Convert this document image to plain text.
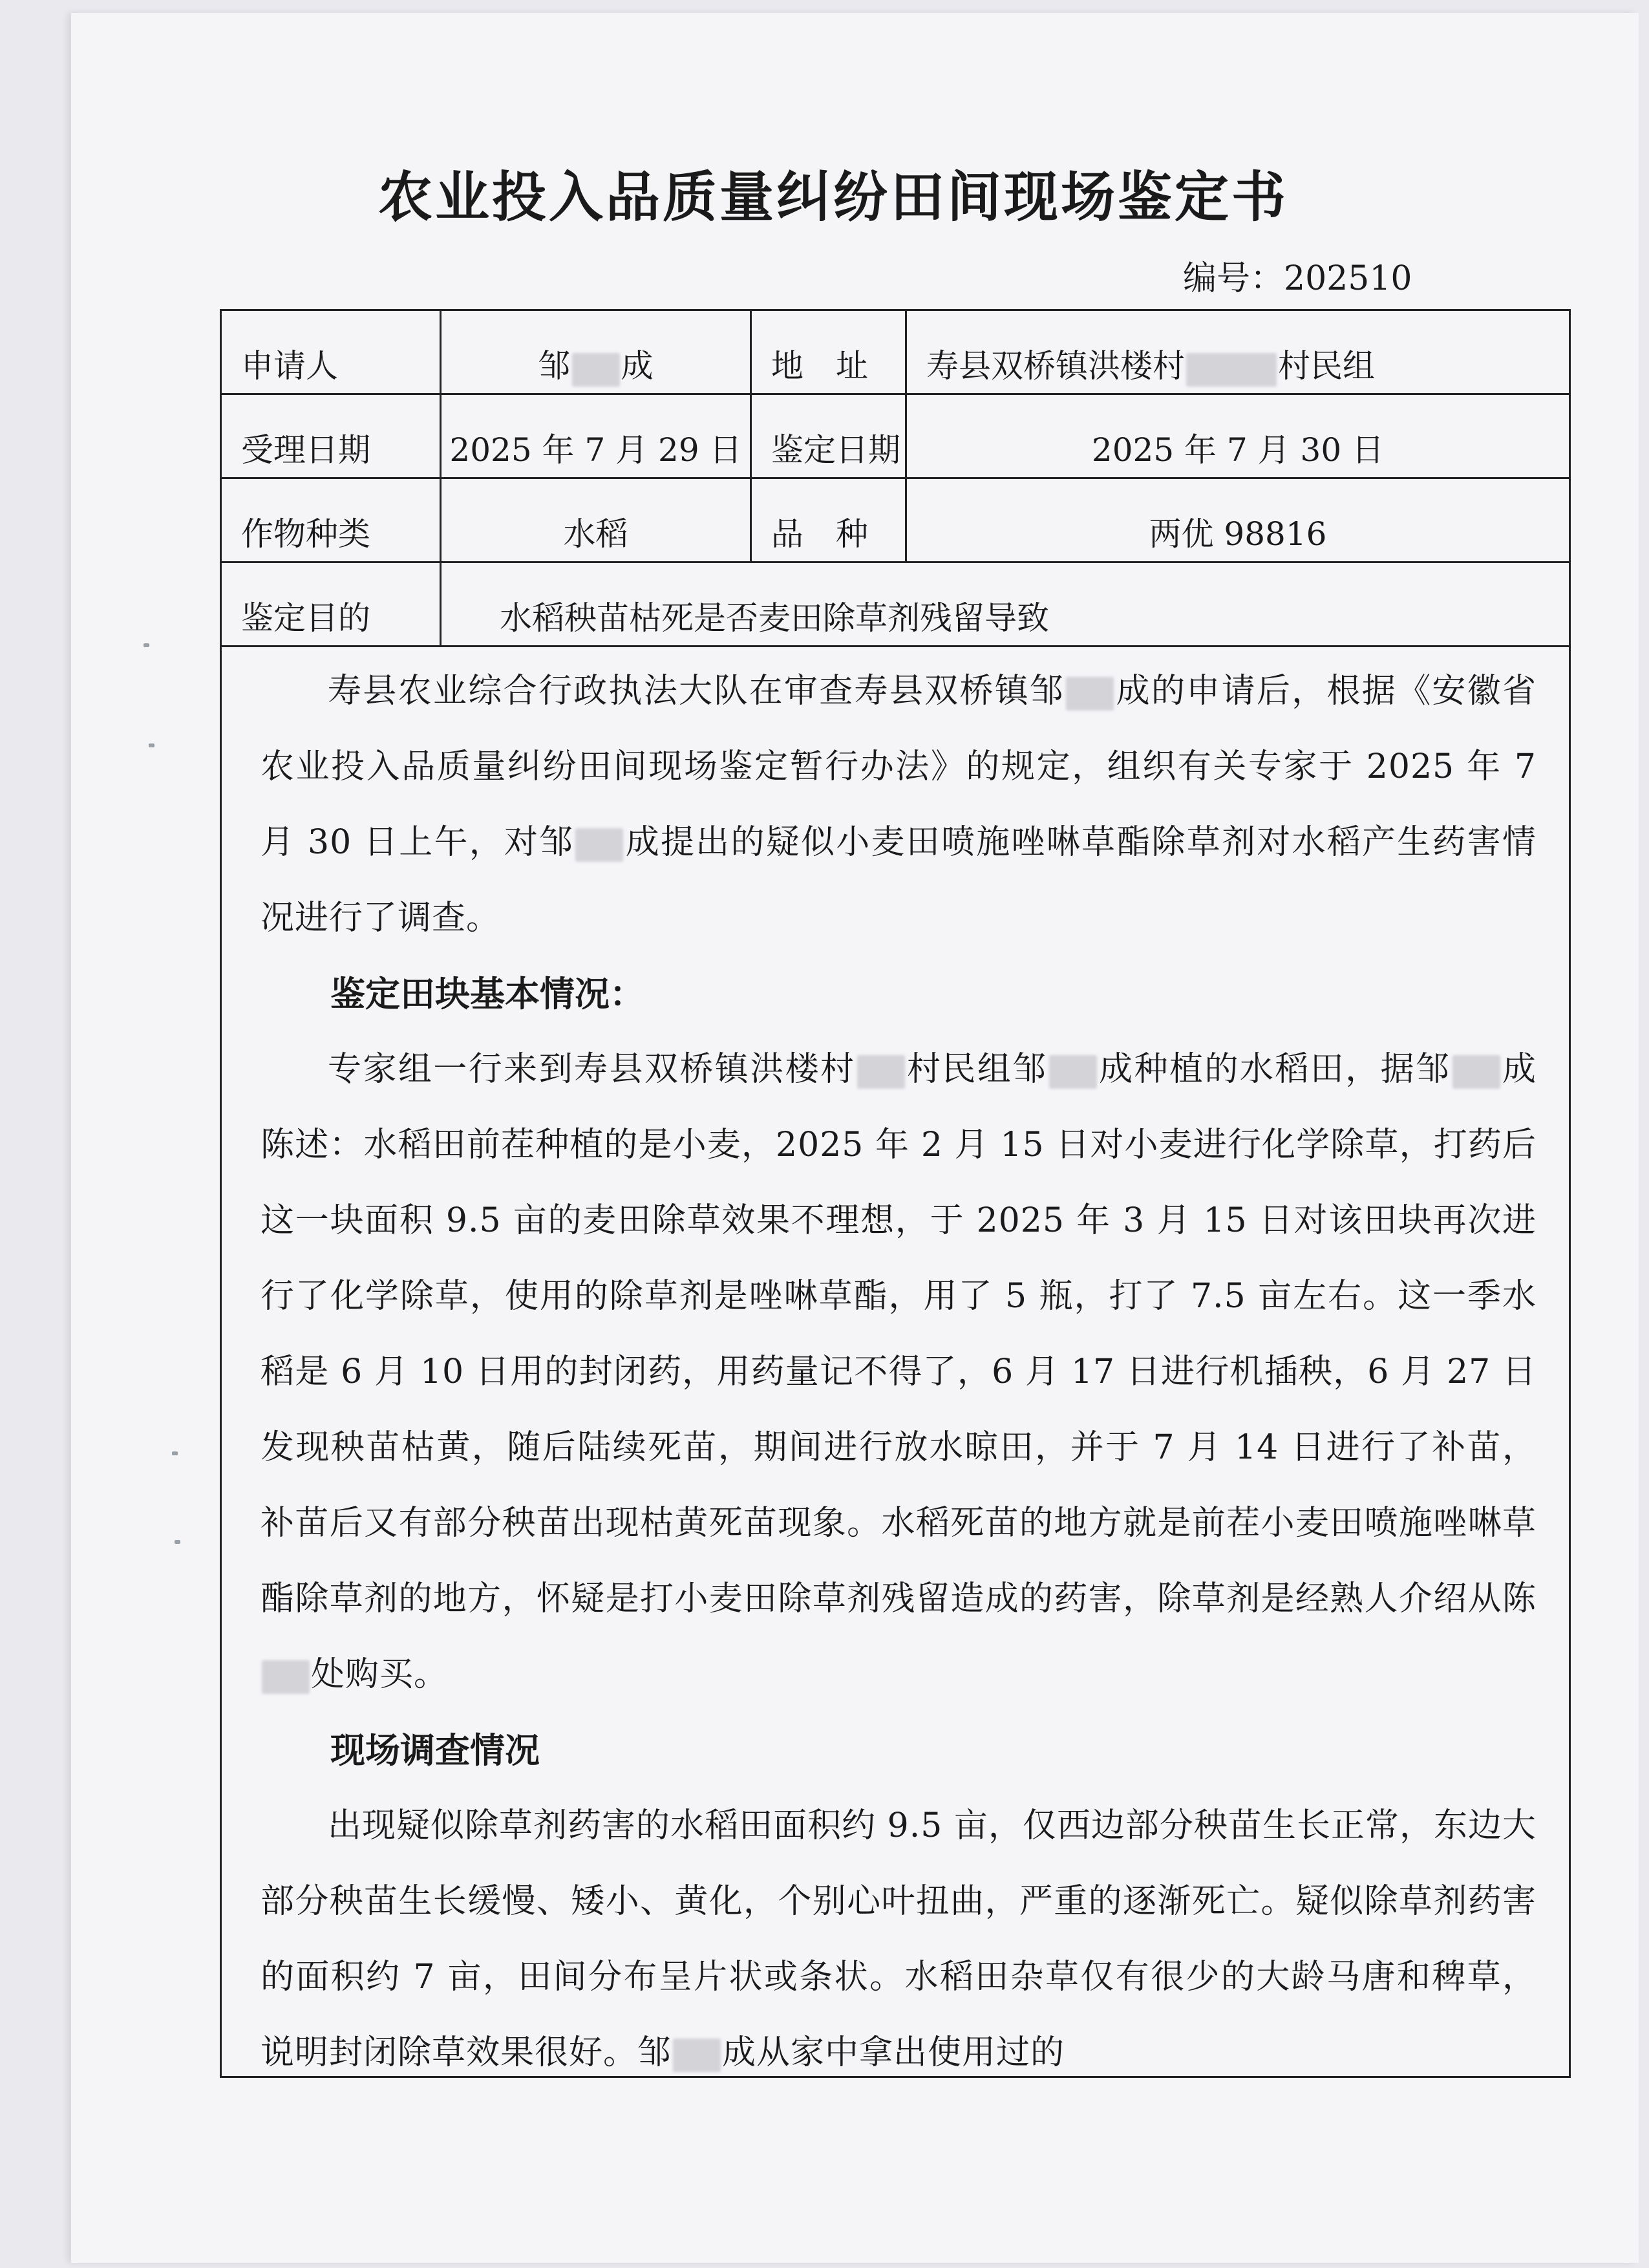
农业投入品质量纠纷田间现场鉴定书
编号：202510
申请人	邹 成	地　址	寿县双桥镇洪楼村	村民组
受理日期	2025 年 7 月 29 日 鉴定日期	2025 年 7 月 30 日
作物种类	水稻	品　种	两优 98816
鉴定目的	水稻秧苗枯死是否麦田除草剂残留导致

寿县农业综合行政执法大队在审查寿县双桥镇邹 成的申请后，根据《安徽省农业投入品质量纠纷田间现场鉴定暂行办法》的规定，组织有关专家于 2025 年 7 月 30 日上午，对邹 成提出的疑似小麦田喷施唑啉草酯除草剂对水稻产生药害情况进行了调查。

鉴定田块基本情况：

专家组一行来到寿县双桥镇洪楼村 村民组邹 成种植的水稻田，据邹 成陈述：水稻田前茬种植的是小麦，2025 年 2 月 15 日对小麦进行化学除草，打药后这一块面积 9.5 亩的麦田除草效果不理想，于 2025 年 3 月 15 日对该田块再次进行了化学除草，使用的除草剂是唑啉草酯，用了 5 瓶，打了 7.5 亩左右。这一季水稻是 6 月 10 日用的封闭药，用药量记不得了，6 月 17 日进行机插秧，6 月 27 日发现秧苗枯黄，随后陆续死苗，期间进行放水晾田，并于 7 月 14 日进行了补苗，补苗后又有部分秧苗出现枯黄死苗现象。水稻死苗的地方就是前茬小麦田喷施唑啉草酯除草剂的地方，怀疑是打小麦田除草剂残留造成的药害，除草剂是经熟人介绍从陈处购买。

现场调查情况

出现疑似除草剂药害的水稻田面积约 9.5 亩，仅西边部分秧苗生长正常，东边大部分秧苗生长缓慢、矮小、黄化，个别心叶扭曲，严重的逐渐死亡。疑似除草剂药害的面积约 7 亩，田间分布呈片状或条状。水稻田杂草仅有很少的大龄马唐和稗草，说明封闭除草效果很好。邹 成从家中拿出使用过的
